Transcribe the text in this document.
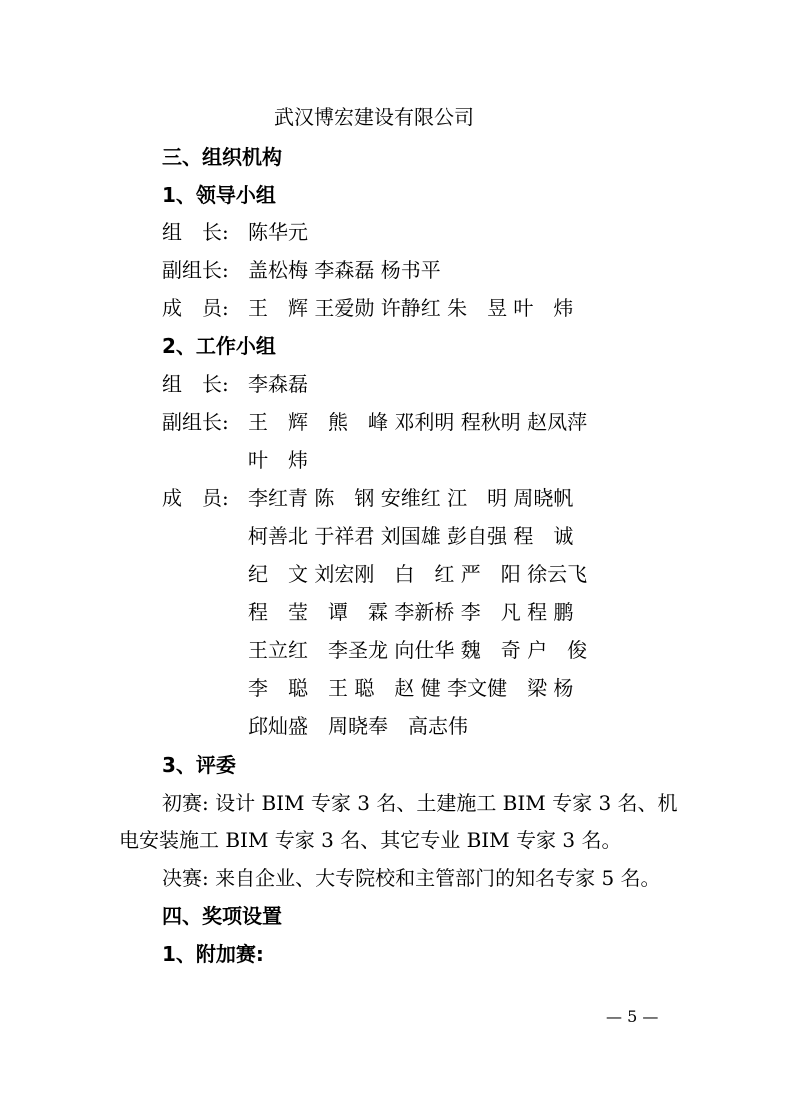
武汉博宏建设有限公司
三、组织机构
1、领导小组
组　长: 陈华元
副组长: 盖松梅 李森磊 杨书平
成　员: 王　辉 王爱勋 许静红 朱　昱 叶　炜
2、工作小组
组　长: 李森磊
副组长: 王　辉　熊　峰 邓利明 程秋明 赵凤萍
叶　炜
成　员: 李红青 陈　钢 安维红 江　明 周晓帆
柯善北 于祥君 刘国雄 彭自强 程　诚
纪　文 刘宏刚　白　红 严　阳 徐云飞
程　莹　谭　霖 李新桥 李　凡 程 鹏
王立红　李圣龙 向仕华 魏　奇 户　俊
李　聪　王 聪　赵 健 李文健　梁 杨
邱灿盛　周晓奉　高志伟
3、评委
初赛: 设计 BIM 专家 3 名、土建施工 BIM 专家 3 名、机
电安装施工 BIM 专家 3 名、其它专业 BIM 专家 3 名。
决赛: 来自企业、大专院校和主管部门的知名专家 5 名。
四、奖项设置
1、附加赛:
— 5 —
